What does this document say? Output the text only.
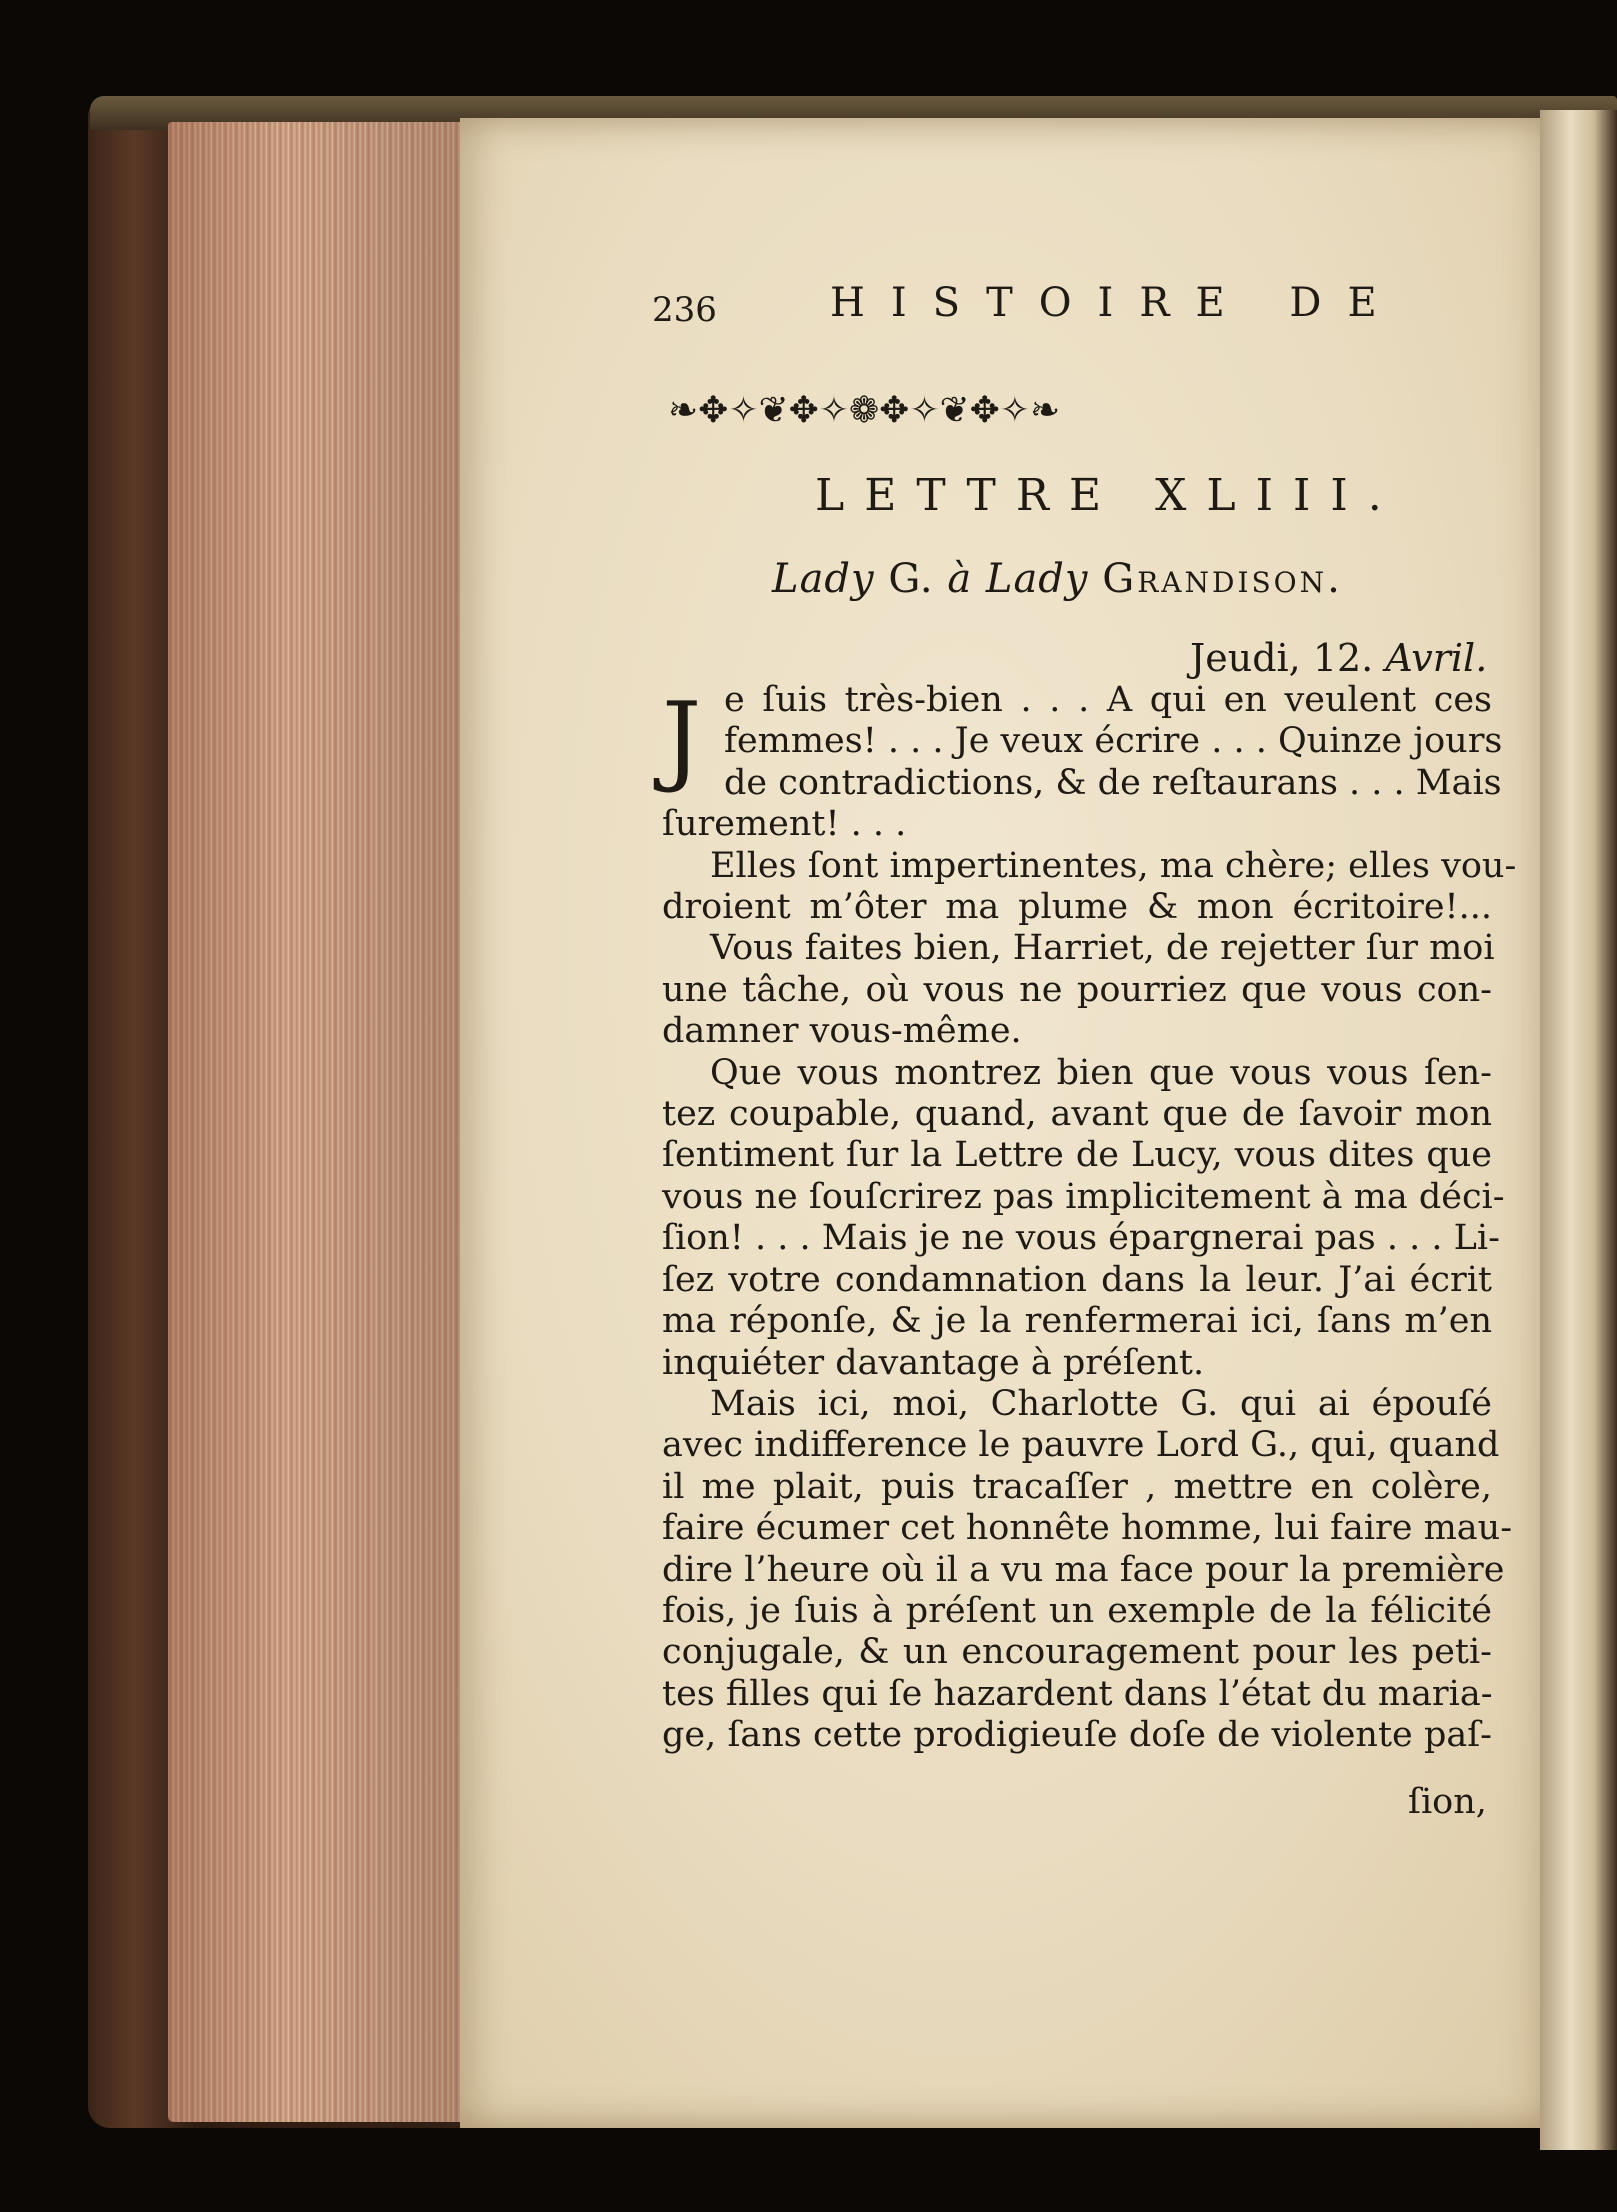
236	HISTOIRE DE
❧✥✧❦✥✧❁✥✧❦✥✧❧
LETTRE XLIII.
Lady G. à Lady Grandison.
Jeudi, 12. Avril.
J e ſuis très-bien . . . A qui en veulent ces
femmes! . . . Je veux écrire . . . Quinze jours
de contradictions, & de reſtaurans . . . Mais
ſurement! . . .
Elles ſont impertinentes, ma chère; elles vou-
droient m’ôter ma plume & mon écritoire!...
Vous faites bien, Harriet, de rejetter ſur moi
une tâche, où vous ne pourriez que vous con-
damner vous-même.
Que vous montrez bien que vous vous ſen-
tez coupable, quand, avant que de ſavoir mon
ſentiment ſur la Lettre de Lucy, vous dites que
vous ne ſouſcrirez pas implicitement à ma déci-
ſion! . . . Mais je ne vous épargnerai pas . . . Li-
ſez votre condamnation dans la leur. J’ai écrit
ma réponſe, & je la renfermerai ici, ſans m’en
inquiéter davantage à préſent.
Mais ici, moi, Charlotte G. qui ai épouſé
avec indifference le pauvre Lord G., qui, quand
il me plait, puis tracaſſer , mettre en colère,
faire écumer cet honnête homme, lui faire mau-
dire l’heure où il a vu ma face pour la première
fois, je ſuis à préſent un exemple de la félicité
conjugale, & un encouragement pour les peti-
tes filles qui ſe hazardent dans l’état du maria-
ge, ſans cette prodigieuſe doſe de violente paſ-
ſion,
